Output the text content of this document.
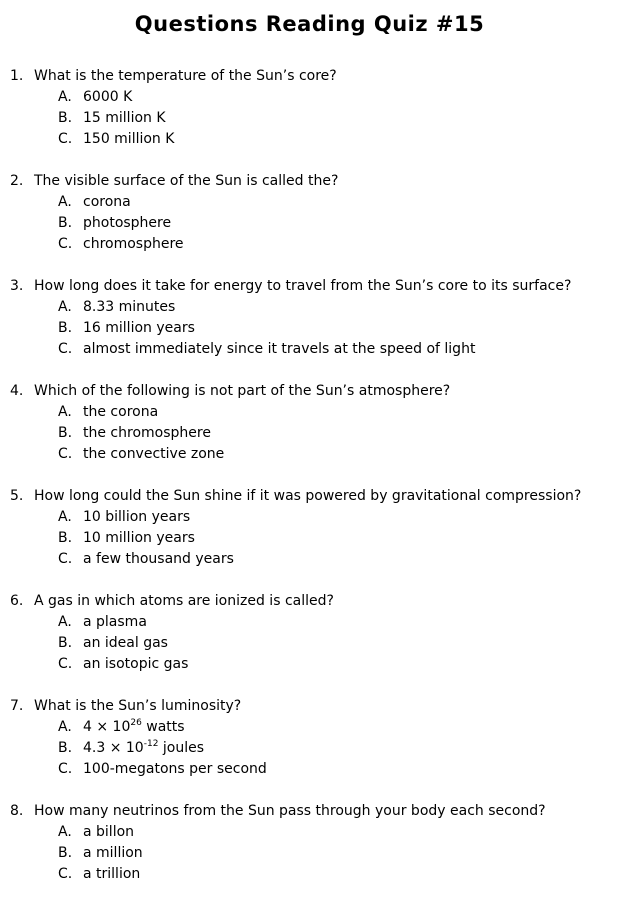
Questions Reading Quiz #15
1. What is the temperature of the Sun’s core?
A. 6000 K
B. 15 million K
C. 150 million K
2. The visible surface of the Sun is called the?
A. corona
B. photosphere
C. chromosphere
3. How long does it take for energy to travel from the Sun’s core to its surface?
A. 8.33 minutes
B. 16 million years
C. almost immediately since it travels at the speed of light
4. Which of the following is not part of the Sun’s atmosphere?
A. the corona
B. the chromosphere
C. the convective zone
5. How long could the Sun shine if it was powered by gravitational compression?
A. 10 billion years
B. 10 million years
C. a few thousand years
6. A gas in which atoms are ionized is called?
A. a plasma
B. an ideal gas
C. an isotopic gas
7. What is the Sun’s luminosity?
A. $4 \times 10^{26}$ watts
B. $4.3 \times 10^{-12}$ joules
C. 100-megatons per second
8. How many neutrinos from the Sun pass through your body each second?
A. a billon
B. a million
C. a trillion
